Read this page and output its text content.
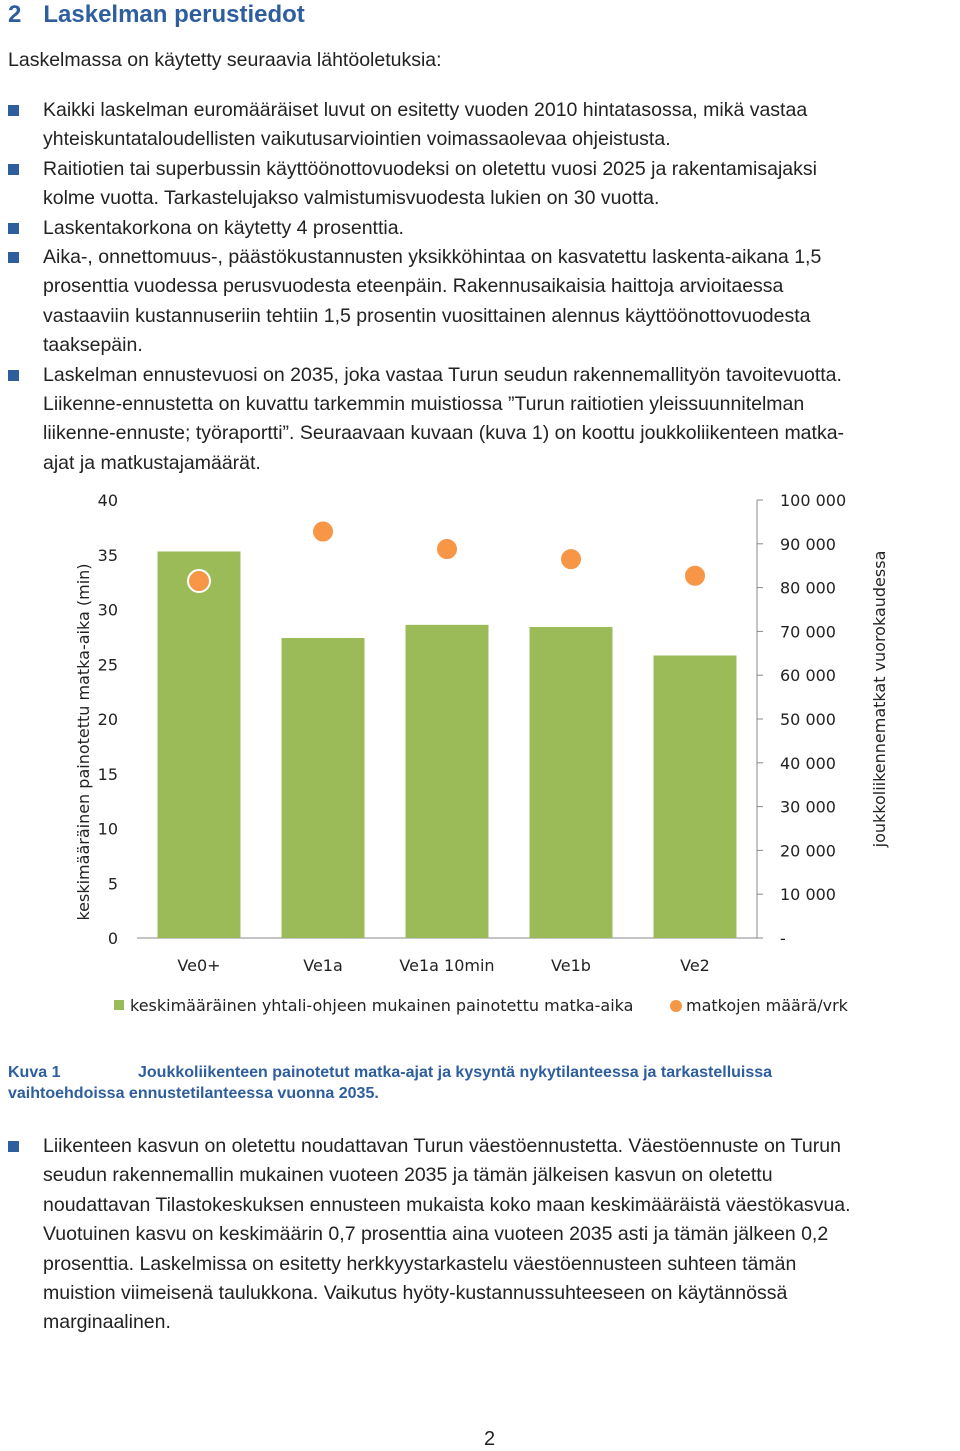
2 Laskelman perustiedot
Laskelmassa on käytetty seuraavia lähtöoletuksia:
Kaikki laskelman euromääräiset luvut on esitetty vuoden 2010 hintatasossa, mikä vastaa
yhteiskuntataloudellisten vaikutusarviointien voimassaolevaa ohjeistusta.
Raitiotien tai superbussin käyttöönottovuodeksi on oletettu vuosi 2025 ja rakentamisajaksi
kolme vuotta. Tarkastelujakso valmistumisvuodesta lukien on 30 vuotta.
Laskentakorkona on käytetty 4 prosenttia.
Aika-, onnettomuus-, päästökustannusten yksikköhintaa on kasvatettu laskenta-aikana 1,5
prosenttia vuodessa perusvuodesta eteenpäin. Rakennusaikaisia haittoja arvioitaessa
vastaaviin kustannuseriin tehtiin 1,5 prosentin vuosittainen alennus käyttöönottovuodesta
taaksepäin.
Laskelman ennustevuosi on 2035, joka vastaa Turun seudun rakennemallityön tavoitevuotta.
Liikenne-ennustetta on kuvattu tarkemmin muistiossa ”Turun raitiotien yleissuunnitelman
liikenne-ennuste; työraportti”. Seuraavaan kuvaan (kuva 1) on koottu joukkoliikenteen matka-
ajat ja matkustajamäärät.
0
5
10
15
20
25
30
35
40
-
10 000
20 000
30 000
40 000
50 000
60 000
70 000
80 000
90 000
100 000
Ve0+	Ve1a	Ve1a 10min	Ve1b	Ve2
keskimääräinen painotettu matka-aika (min)	joukkoliikennematkat vuorokaudessa
keskimääräinen yhtali-ohjeen mukainen painotettu matka-aika	matkojen määrä/vrk
Kuva 1	Joukkoliikenteen painotetut matka-ajat ja kysyntä nykytilanteessa ja tarkastelluissa
vaihtoehdoissa ennustetilanteessa vuonna 2035.
Liikenteen kasvun on oletettu noudattavan Turun väestöennustetta. Väestöennuste on Turun
seudun rakennemallin mukainen vuoteen 2035 ja tämän jälkeisen kasvun on oletettu
noudattavan Tilastokeskuksen ennusteen mukaista koko maan keskimääräistä väestökasvua.
Vuotuinen kasvu on keskimäärin 0,7 prosenttia aina vuoteen 2035 asti ja tämän jälkeen 0,2
prosenttia. Laskelmissa on esitetty herkkyystarkastelu väestöennusteen suhteen tämän
muistion viimeisenä taulukkona. Vaikutus hyöty-kustannussuhteeseen on käytännössä
marginaalinen.
2
